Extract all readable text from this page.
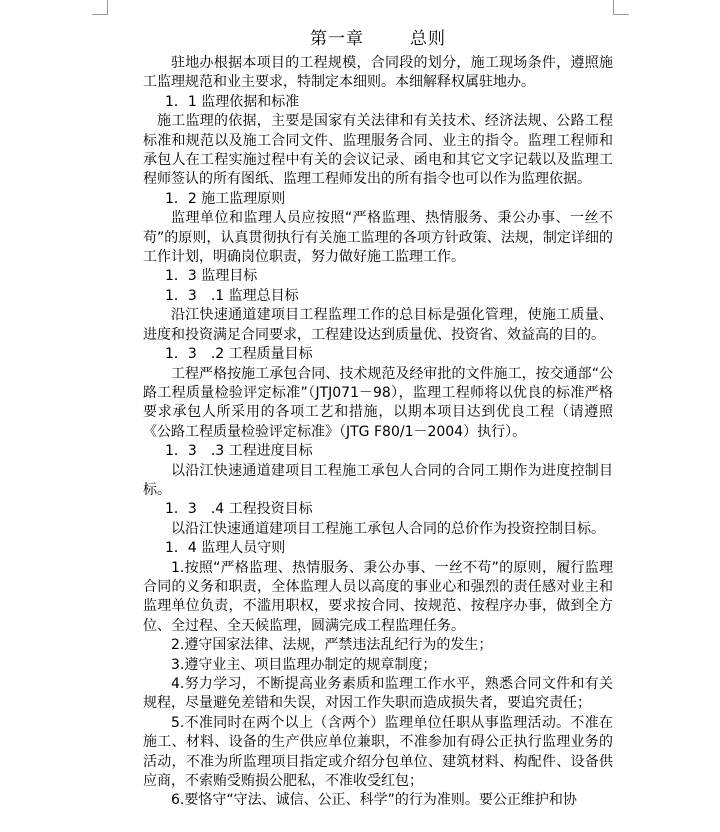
第一章	总则

驻地办根据本项目的工程规模，合同段的划分，施工现场条件，遵照施工监理规范和业主要求，特制定本细则。本细解释权属驻地办。

1．1 监理依据和标准

施工监理的依据，主要是国家有关法律和有关技术、经济法规、公路工程标准和规范以及施工合同文件、监理服务合同、业主的指令。监理工程师和承包人在工程实施过程中有关的会议记录、函电和其它文字记载以及监理工程师签认的所有图纸、监理工程师发出的所有指令也可以作为监理依据。

1．2 施工监理原则

监理单位和监理人员应按照“严格监理、热情服务、秉公办事、一丝不苟”的原则，认真贯彻执行有关施工监理的各项方针政策、法规，制定详细的工作计划，明确岗位职责，努力做好施工监理工作。

1．3 监理目标

1．3　.1 监理总目标

沿江快速通道建项目工程监理工作的总目标是强化管理，使施工质量、进度和投资满足合同要求，工程建设达到质量优、投资省、效益高的目的。

1．3　.2 工程质量目标

工程严格按施工承包合同、技术规范及经审批的文件施工，按交通部“公路工程质量检验评定标准”（JTJ071－98），监理工程师将以优良的标准严格要求承包人所采用的各项工艺和措施，以期本项目达到优良工程（请遵照《公路工程质量检验评定标准》（JTG F80/1－2004）执行）。

1．3　.3 工程进度目标

以沿江快速通道建项目工程施工承包人合同的合同工期作为进度控制目标。

1．3　.4 工程投资目标

以沿江快速通道建项目工程施工承包人合同的总价作为投资控制目标。

1．4 监理人员守则

1.按照“严格监理、热情服务、秉公办事、一丝不苟”的原则，履行监理合同的义务和职责，全体监理人员以高度的事业心和强烈的责任感对业主和监理单位负责，不滥用职权，要求按合同、按规范、按程序办事，做到全方位、全过程、全天候监理，圆满完成工程监理任务。

2.遵守国家法律、法规，严禁违法乱纪行为的发生；

3.遵守业主、项目监理办制定的规章制度；

4.努力学习，不断提高业务素质和监理工作水平，熟悉合同文件和有关规程，尽量避免差错和失误，对因工作失职而造成损失者，要追究责任；

5.不准同时在两个以上（含两个）监理单位任职从事监理活动。不准在施工、材料、设备的生产供应单位兼职，不准参加有碍公正执行监理业务的活动，不准为所监理项目指定或介绍分包单位、建筑材料、构配件、设备供应商，不索贿受贿损公肥私，不准收受红包；

6.要恪守“守法、诚信、公正、科学”的行为准则。要公正维护和协
